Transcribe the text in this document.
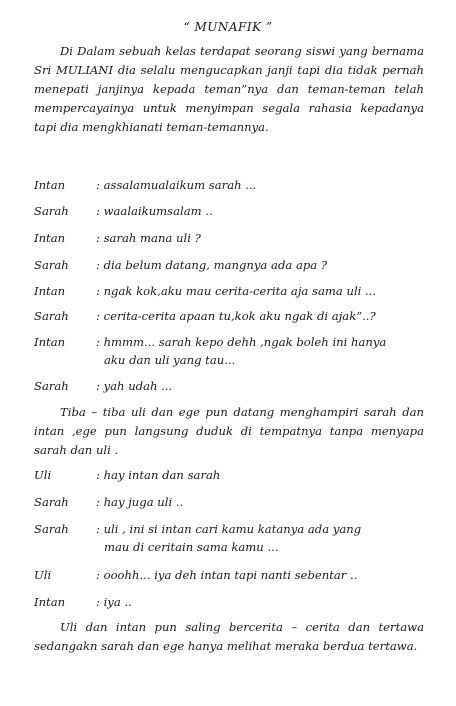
“ MUNAFIK ”
Di Dalam sebuah kelas terdapat seorang siswi yang bernama Sri MULIANI dia selalu mengucapkan janji tapi dia tidak pernah menepati janjinya kepada teman”nya dan teman-teman telah mempercayainya untuk menyimpan segala rahasia kepadanya tapi dia mengkhianati teman-temannya.
Intan	: assalamualaikum sarah ...
Sarah : waalaikumsalam ..
Intan	: sarah mana uli ?
Sarah : dia belum datang, mangnya ada apa ?
Intan	: ngak kok,aku mau cerita-cerita aja sama uli ...
Sarah : cerita-cerita apaan tu,kok aku ngak di ajak”..?
Intan	: hmmm... sarah kepo dehh ,ngak boleh ini hanya
aku dan uli yang tau...
Sarah : yah udah ...
Tiba – tiba uli dan ege pun datang menghampiri sarah dan intan ,ege pun langsung duduk di tempatnya tanpa menyapa sarah dan uli .
Uli	: hay intan dan sarah
Sarah : hay juga uli ..
Sarah : uli , ini si intan cari kamu katanya ada yang
mau di ceritain sama kamu ...
Uli	: ooohh... iya deh intan tapi nanti sebentar ..
Intan	: iya ..
Uli dan intan pun saling bercerita – cerita dan tertawa sedangakn sarah dan ege hanya melihat meraka berdua tertawa.
